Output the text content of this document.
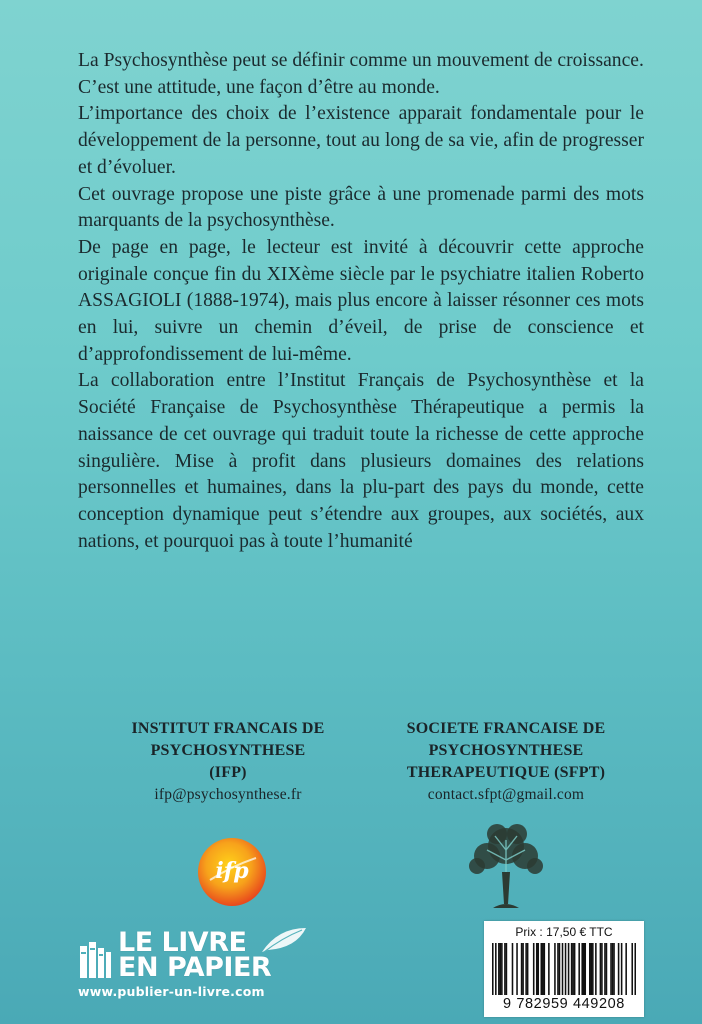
La Psychosynthèse peut se définir comme un mouvement de croissance.

C’est une attitude, une façon d’être au monde.

L’importance des choix de l’existence apparait fondamentale pour le développement de la personne, tout au long de sa vie, afin de progresser et d’évoluer.

Cet ouvrage propose une piste grâce à une promenade parmi des mots marquants de la psychosynthèse.

De page en page, le lecteur est invité à découvrir cette approche originale conçue fin du XIXème siècle par le psychiatre italien Roberto ASSAGIOLI (1888-1974), mais plus encore à laisser résonner ces mots en lui, suivre un chemin d’éveil, de prise de conscience et d’approfondissement de lui-même.

La collaboration entre l’Institut Français de Psychosynthèse et la Société Française de Psychosynthèse Thérapeutique a permis la naissance de cet ouvrage qui traduit toute la richesse de cette approche singulière. Mise à profit dans plusieurs domaines des relations personnelles et humaines, dans la plu-part des pays du monde, cette conception dynamique peut s’étendre aux groupes, aux sociétés, aux nations, et pourquoi pas à toute l’humanité

INSTITUT FRANCAIS DE
PSYCHOSYNTHESE
(IFP)
ifp@psychosynthese.fr
SOCIETE FRANCAISE DE
PSYCHOSYNTHESE
THERAPEUTIQUE (SFPT)
contact.sfpt@gmail.com
ifp
LE LIVRE
EN PAPIER
www.publier-un-livre.com
Prix : 17,50 € TTC
9 782959 449208
